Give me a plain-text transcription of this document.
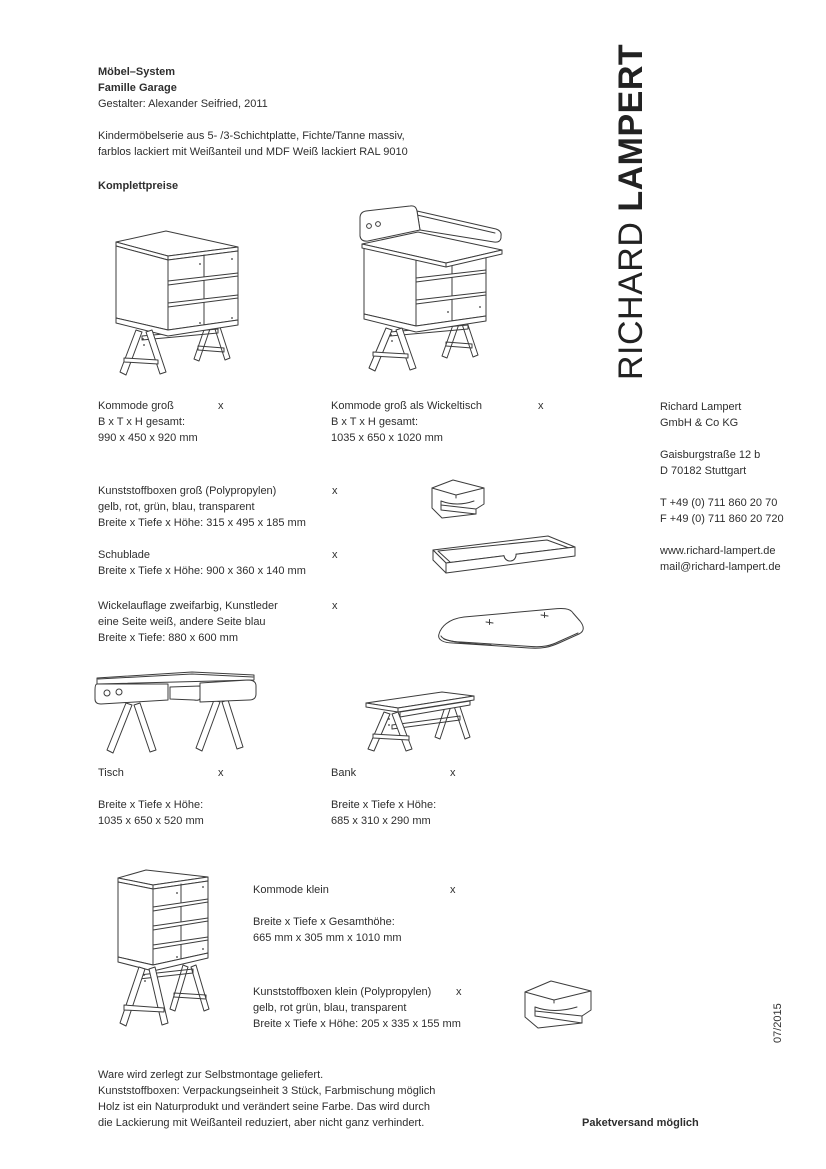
Möbel–System
Famille Garage
Gestalter: Alexander Seifried, 2011
Kindermöbelserie aus 5- /3-Schichtplatte, Fichte/Tanne massiv,
farblos lackiert mit Weißanteil und MDF Weiß lackiert RAL 9010
Komplettpreise
RICHARD LAMPERT
Richard Lampert
GmbH & Co KG
Gaisburgstraße 12 b
D 70182 Stuttgart
T +49 (0) 711 860 20 70
F +49 (0) 711 860 20 720
www.richard-lampert.de
mail@richard-lampert.de
Kommode groß	x
B x T x H gesamt:
990 x 450 x 920 mm
Kommode groß als Wickeltisch	x
B x T x H gesamt:
1035 x 650 x 1020 mm
Kunststoffboxen groß (Polypropylen)	x
gelb, rot, grün, blau, transparent
Breite x Tiefe x Höhe: 315 x 495 x 185 mm
Schublade	x
Breite x Tiefe x Höhe: 900 x 360 x 140 mm
Wickelauflage zweifarbig, Kunstleder	x
eine Seite weiß, andere Seite blau
Breite x Tiefe: 880 x 600 mm
Tisch	x
Breite x Tiefe x Höhe:
1035 x 650 x 520 mm
Bank	x
Breite x Tiefe x Höhe:
685 x 310 x 290 mm
Kommode klein	x
Breite x Tiefe x Gesamthöhe:
665 mm x 305 mm x 1010 mm
Kunststoffboxen klein (Polypropylen) x
gelb, rot grün, blau, transparent
Breite x Tiefe x Höhe: 205 x 335 x 155 mm
Ware wird zerlegt zur Selbstmontage geliefert.
Kunststoffboxen: Verpackungseinheit 3 Stück, Farbmischung möglich
Holz ist ein Naturprodukt und verändert seine Farbe. Das wird durch
die Lackierung mit Weißanteil reduziert, aber nicht ganz verhindert.	Paketversand möglich
07/2015
